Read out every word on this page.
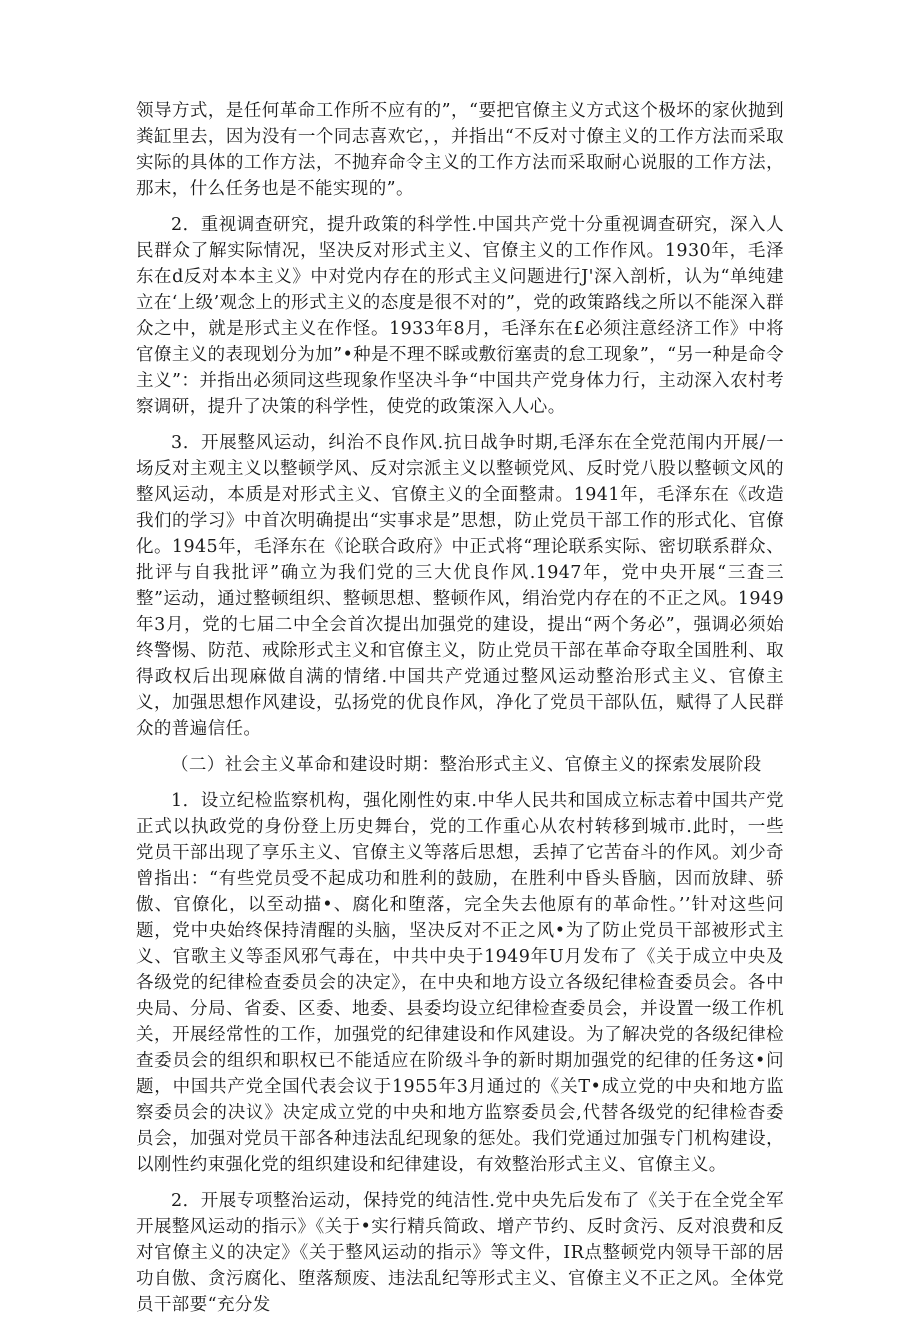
领导方式，是任何革命工作所不应有的”，“要把官僚主义方式这个极坏的家伙抛到粪缸里去，因为没有一个同志喜欢它，，并指出“不反对寸僚主义的工作方法而采取实际的具体的工作方法，不抛弃命令主义的工作方法而采取耐心说服的工作方法，那末，什么任务也是不能实现的”。

2．重视调查研究，提升政策的科学性.中国共产党十分重视调查研究，深入人民群众了解实际情况，坚决反对形式主义、官僚主义的工作作风。1930年，毛泽东在d反对本本主义》中对党内存在的形式主义问题进行J'深入剖析，认为“单纯建立在‘上级’观念上的形式主义的态度是很不对的”，党的政策路线之所以不能深入群众之中，就是形式主义在作怪。1933年8月，毛泽东在£必须注意经济工作》中将官僚主义的表现划分为加”•种是不理不睬或敷衍塞责的怠工现象”，“另一种是命令主义”：并指出必须同这些现象作坚决斗争“中国共产党身体力行，主动深入农村考察调研，提升了决策的科学性，使党的政策深入人心。

3．开展整风运动，纠治不良作风.抗日战争时期,毛泽东在全党范闱内开展/一场反对主观主义以整顿学风、反对宗派主义以整顿党风、反时党八股以整顿文风的整风运动，本质是对形式主义、官僚主义的全面整肃。1941年，毛泽东在《改造我们的学习》中首次明确提出“实事求是”思想，防止党员干部工作的形式化、官僚化。1945年，毛泽东在《论联合政府》中正式将“理论联系实际、密切联系群众、批评与自我批评”确立为我们党的三大优良作风.1947年，党中央开展“三査三整”运动，通过整顿组织、整顿思想、整顿作风，绢治党内存在的不正之风。1949年3月，党的七届二中全会首次提出加强党的建设，提出“两个务必”，强调必须始终警惕、防范、戒除形式主义和官僚主义，防止党员干部在革命夺取全国胜利、取得政权后出现麻做自满的情绪.中国共产党通过整风运动整治形式主义、官僚主义，加强思想作风建设，弘扬党的优良作风，净化了党员干部队伍，赋得了人民群众的普遍信任。

（二）社会主义革命和建设时期：整治形式主义、官僚主义的探索发展阶段

1．设立纪检监察机构，强化刚性妁束.中华人民共和国成立标志着中国共产党正式以执政党的身份登上历史舞台，党的工作重心从农村转移到城市.此时，一些党员干部出现了享乐主义、官僚主义等落后思想，丢掉了它苦奋斗的作风。刘少奇曾指出：“有些党员受不起成功和胜利的鼓励，在胜利中昏头昏脑，因而放肆、骄傲、官僚化，以至动描•、腐化和堕落，完全失去他原有的革命性。’’针对这些问题，党中央始终保持清醒的头脑，坚决反对不正之风•为了防止党员干部被形式主义、官歌主义等歪风邪气毒在，中共中央于1949年U月发布了《关于成立中央及各级党的纪律检查委员会的决定》，在中央和地方设立各级纪律检査委员会。各中央局、分局、省委、区委、地委、县委均设立纪律检查委员会，并设置一级工作机关，开展经常性的工作，加强党的纪律建设和作风建设。为了解决党的各级纪律检查委员会的组织和职权已不能适应在阶级斗争的新时期加强党的纪律的任务这•问题，中国共产党全国代表会议于1955年3月通过的《关T•成立党的中央和地方监察委员会的决议》决定成立党的中央和地方监察委员会,代替各级党的纪律检杳委员会，加强对党员干部各种违法乱纪现象的惩处。我们党通过加强专门机构建设，以刚性约束强化党的组织建设和纪律建设，有效整治形式主义、官僚主义。

2．开展专项整治运动，保持党的纯洁性.党中央先后发布了《关于在全党全军开展整风运动的指示》《关于•实行精兵简政、增产节约、反时贪污、反对浪费和反对官僚主义的决定》《关于整风运动的指示》等文件，IR点整顿党内领导干部的居功自傲、贪污腐化、堕落颓废、违法乱纪等形式主义、官僚主义不正之风。全体党员干部要“充分发
